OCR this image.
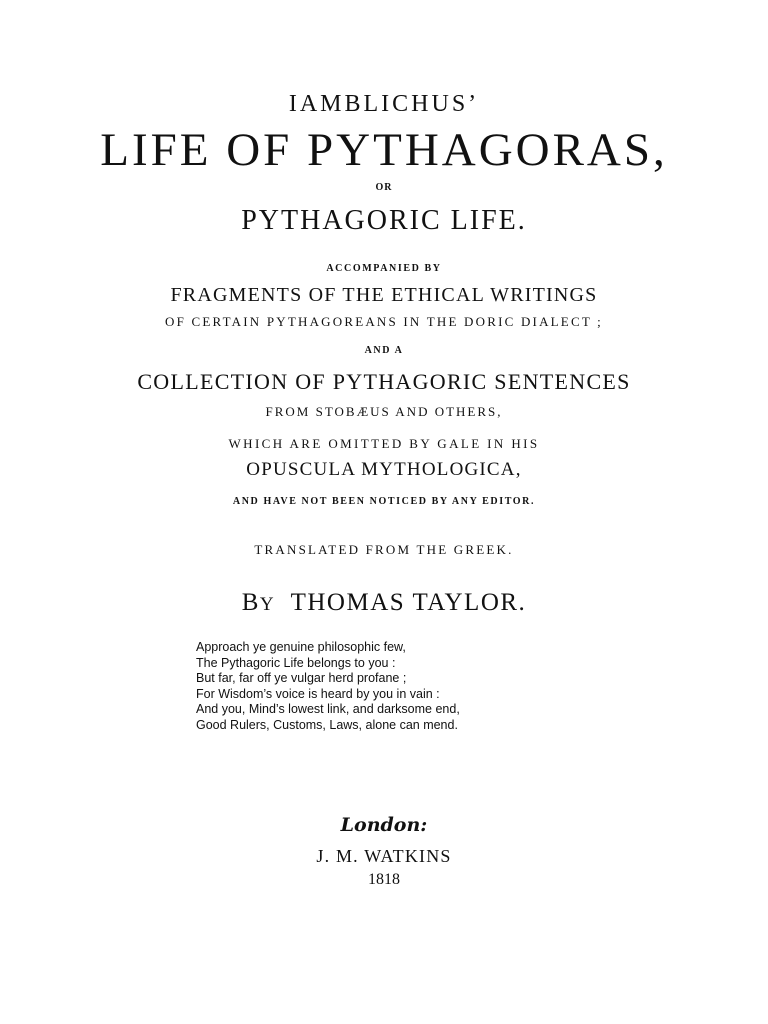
IAMBLICHUS’
LIFE OF PYTHAGORAS,
OR
PYTHAGORIC LIFE.
ACCOMPANIED BY
FRAGMENTS OF THE ETHICAL WRITINGS
OF CERTAIN PYTHAGOREANS IN THE DORIC DIALECT ;
AND A
COLLECTION OF PYTHAGORIC SENTENCES
FROM STOBÆUS AND OTHERS,
WHICH ARE OMITTED BY GALE IN HIS
OPUSCULA MYTHOLOGICA,
AND HAVE NOT BEEN NOTICED BY ANY EDITOR.
TRANSLATED FROM THE GREEK.
BY THOMAS TAYLOR.
Approach ye genuine philosophic few,
The Pythagoric Life belongs to you :
But far, far off ye vulgar herd profane ;
For Wisdom’s voice is heard by you in vain :
And you, Mind’s lowest link, and darksome end,
Good Rulers, Customs, Laws, alone can mend.
London:
J. M. WATKINS
1818
